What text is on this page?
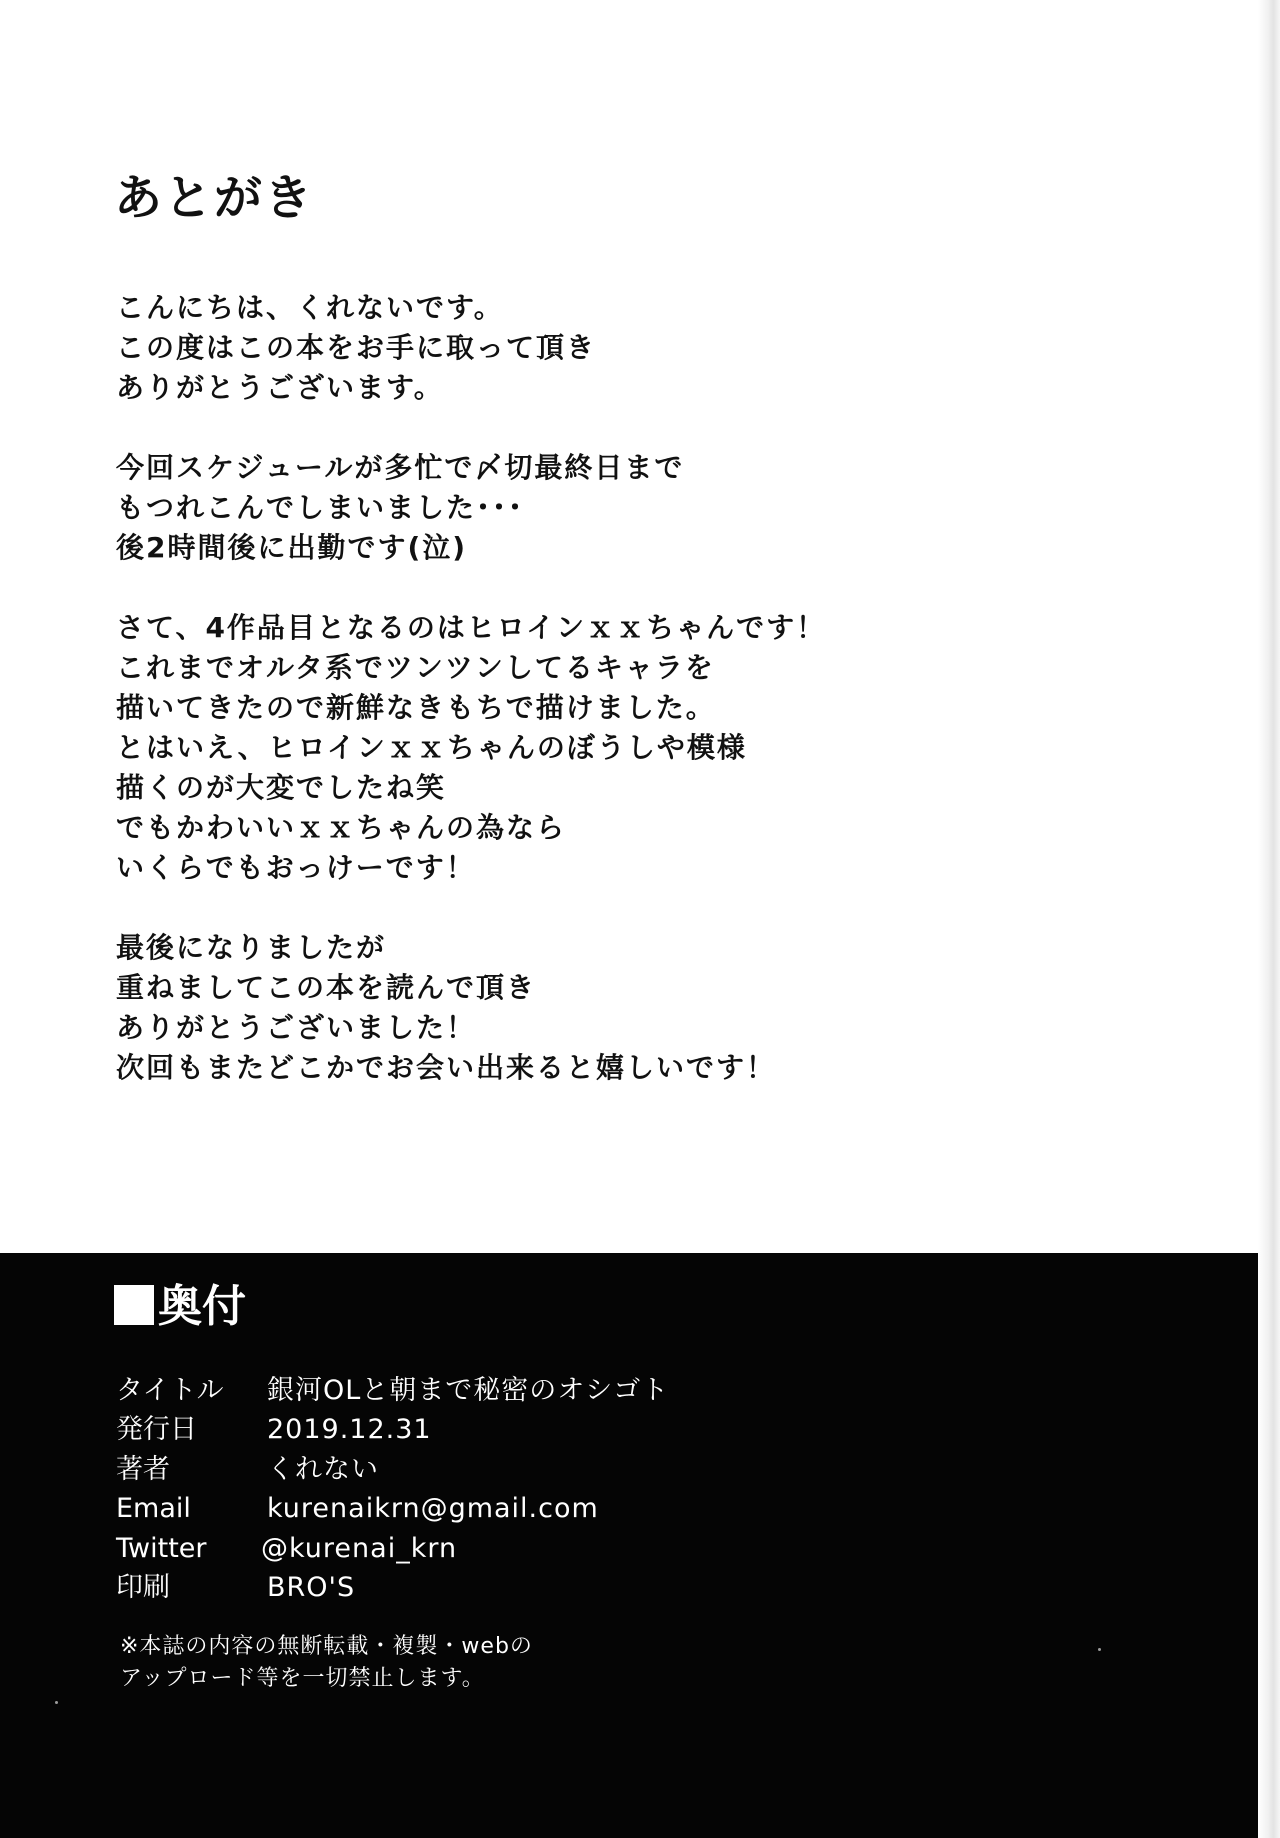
あとがき
こんにちは、くれないです。
この度はこの本をお手に取って頂き
ありがとうございます。
今回スケジュールが多忙で〆切最終日まで
もつれこんでしまいました･･･
後2時間後に出勤です(泣)
さて、4作品目となるのはヒロインｘｘちゃんです！
これまでオルタ系でツンツンしてるキャラを
描いてきたので新鮮なきもちで描けました。
とはいえ、ヒロインｘｘちゃんのぼうしや模様
描くのが大変でしたね笑
でもかわいいｘｘちゃんの為なら
いくらでもおっけーです！
最後になりましたが
重ねましてこの本を読んで頂き
ありがとうございました！
次回もまたどこかでお会い出来ると嬉しいです！
奥付
タイトル	銀河OLと朝まで秘密のオシゴト
発行日	2019.12.31
著者	くれない
Email	kurenaikrn@gmail.com
Twitter	@kurenai_krn
印刷	BRO'S
※本誌の内容の無断転載・複製・webの
アップロード等を一切禁止します。
